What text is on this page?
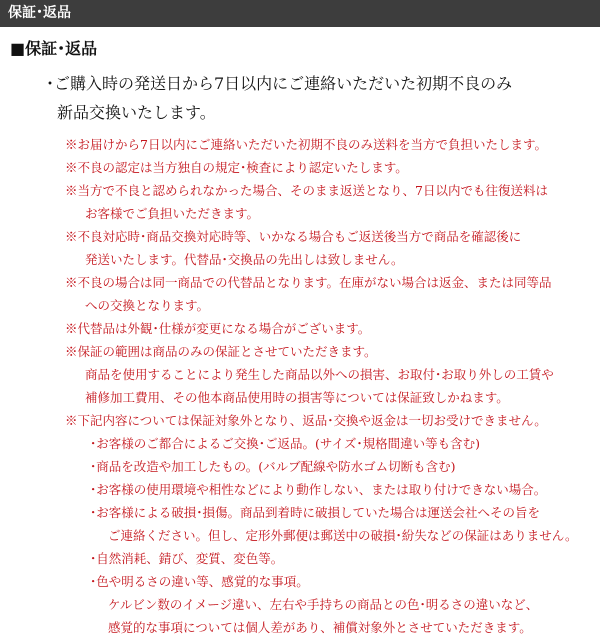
保証･返品
■保証･返品
･ご購入時の発送日から7日以内にご連絡いただいた初期不良のみ
新品交換いたします。
※お届けから7日以内にご連絡いただいた初期不良のみ送料を当方で負担いたします。
※不良の認定は当方独自の規定･検査により認定いたします。
※当方で不良と認められなかった場合、そのまま返送となり、7日以内でも往復送料は
お客様でご負担いただきます。
※不良対応時･商品交換対応時等、いかなる場合もご返送後当方で商品を確認後に
発送いたします。代替品･交換品の先出しは致しません。
※不良の場合は同一商品での代替品となります。在庫がない場合は返金、または同等品
への交換となります。
※代替品は外観･仕様が変更になる場合がございます。
※保証の範囲は商品のみの保証とさせていただきます。
商品を使用することにより発生した商品以外への損害、お取付･お取り外しの工賃や
補修加工費用、その他本商品使用時の損害等については保証致しかねます。
※下記内容については保証対象外となり、返品･交換や返金は一切お受けできません。
･お客様のご都合によるご交換･ご返品。(サイズ･規格間違い等も含む)
･商品を改造や加工したもの。(バルブ配線や防水ゴム切断も含む)
･お客様の使用環境や相性などにより動作しない、または取り付けできない場合。
･お客様による破損･損傷。商品到着時に破損していた場合は運送会社へその旨を
ご連絡ください。但し、定形外郵便は郵送中の破損･紛失などの保証はありません。
･自然消耗、錆び、変質、変色等。
･色や明るさの違い等、感覚的な事項。
ケルビン数のイメージ違い、左右や手持ちの商品との色･明るさの違いなど、
感覚的な事項については個人差があり、補償対象外とさせていただきます。
